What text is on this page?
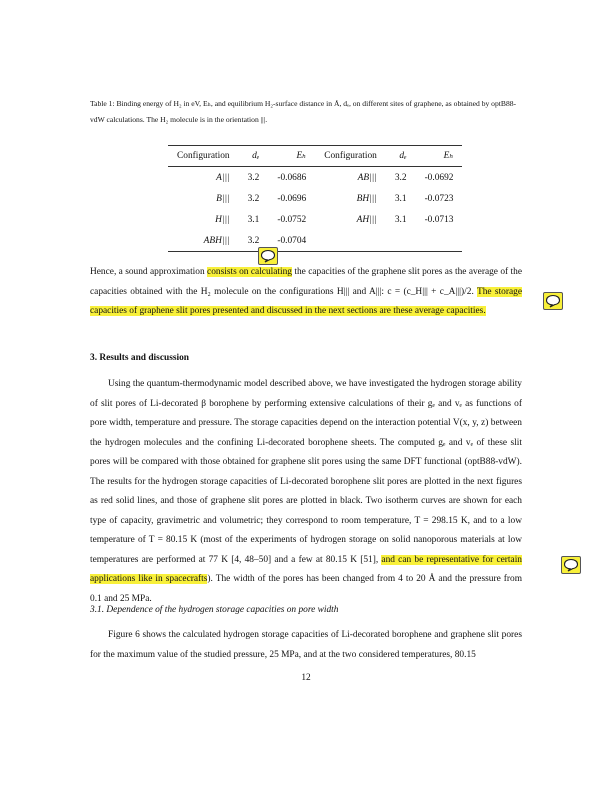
Table 1: Binding energy of H₂ in eV, Eₕ, and equilibrium H₂-surface distance in Å, dₑ, on different sites of graphene, as obtained by optB88-vdW calculations. The H₂ molecule is in the orientation |||.
Configuration	dₑ	Eₕ	Configuration	dₑ	Eₕ
A|||	3.2	-0.0686	AB|||	3.2	-0.0692
B|||	3.2	-0.0696	BH|||	3.1	-0.0723
H|||	3.1	-0.0752	AH|||	3.1	-0.0713
ABH|||	3.2	-0.0704			
Hence, a sound approximation consists on calculating the capacities of the graphene slit pores as the average of the capacities obtained with the H₂ molecule on the configurations H||| and A|||: c = (c_H||| + c_A|||)/2. The storage capacities of graphene slit pores presented and discussed in the next sections are these average capacities.
3. Results and discussion
Using the quantum-thermodynamic model described above, we have investigated the hydrogen storage ability of slit pores of Li-decorated β borophene by performing extensive calculations of their gₑ and vₑ as functions of pore width, temperature and pressure. The storage capacities depend on the interaction potential V(x, y, z) between the hydrogen molecules and the confining Li-decorated borophene sheets. The computed gₑ and vₑ of these slit pores will be compared with those obtained for graphene slit pores using the same DFT functional (optB88-vdW). The results for the hydrogen storage capacities of Li-decorated borophene slit pores are plotted in the next figures as red solid lines, and those of graphene slit pores are plotted in black. Two isotherm curves are shown for each type of capacity, gravimetric and volumetric; they correspond to room temperature, T = 298.15 K, and to a low temperature of T = 80.15 K (most of the experiments of hydrogen storage on solid nanoporous materials at low temperatures are performed at 77 K [4, 48–50] and a few at 80.15 K [51], and can be representative for certain applications like in spacecrafts). The width of the pores has been changed from 4 to 20 Å and the pressure from 0.1 and 25 MPa.
3.1. Dependence of the hydrogen storage capacities on pore width
Figure 6 shows the calculated hydrogen storage capacities of Li-decorated borophene and graphene slit pores for the maximum value of the studied pressure, 25 MPa, and at the two considered temperatures, 80.15
12
